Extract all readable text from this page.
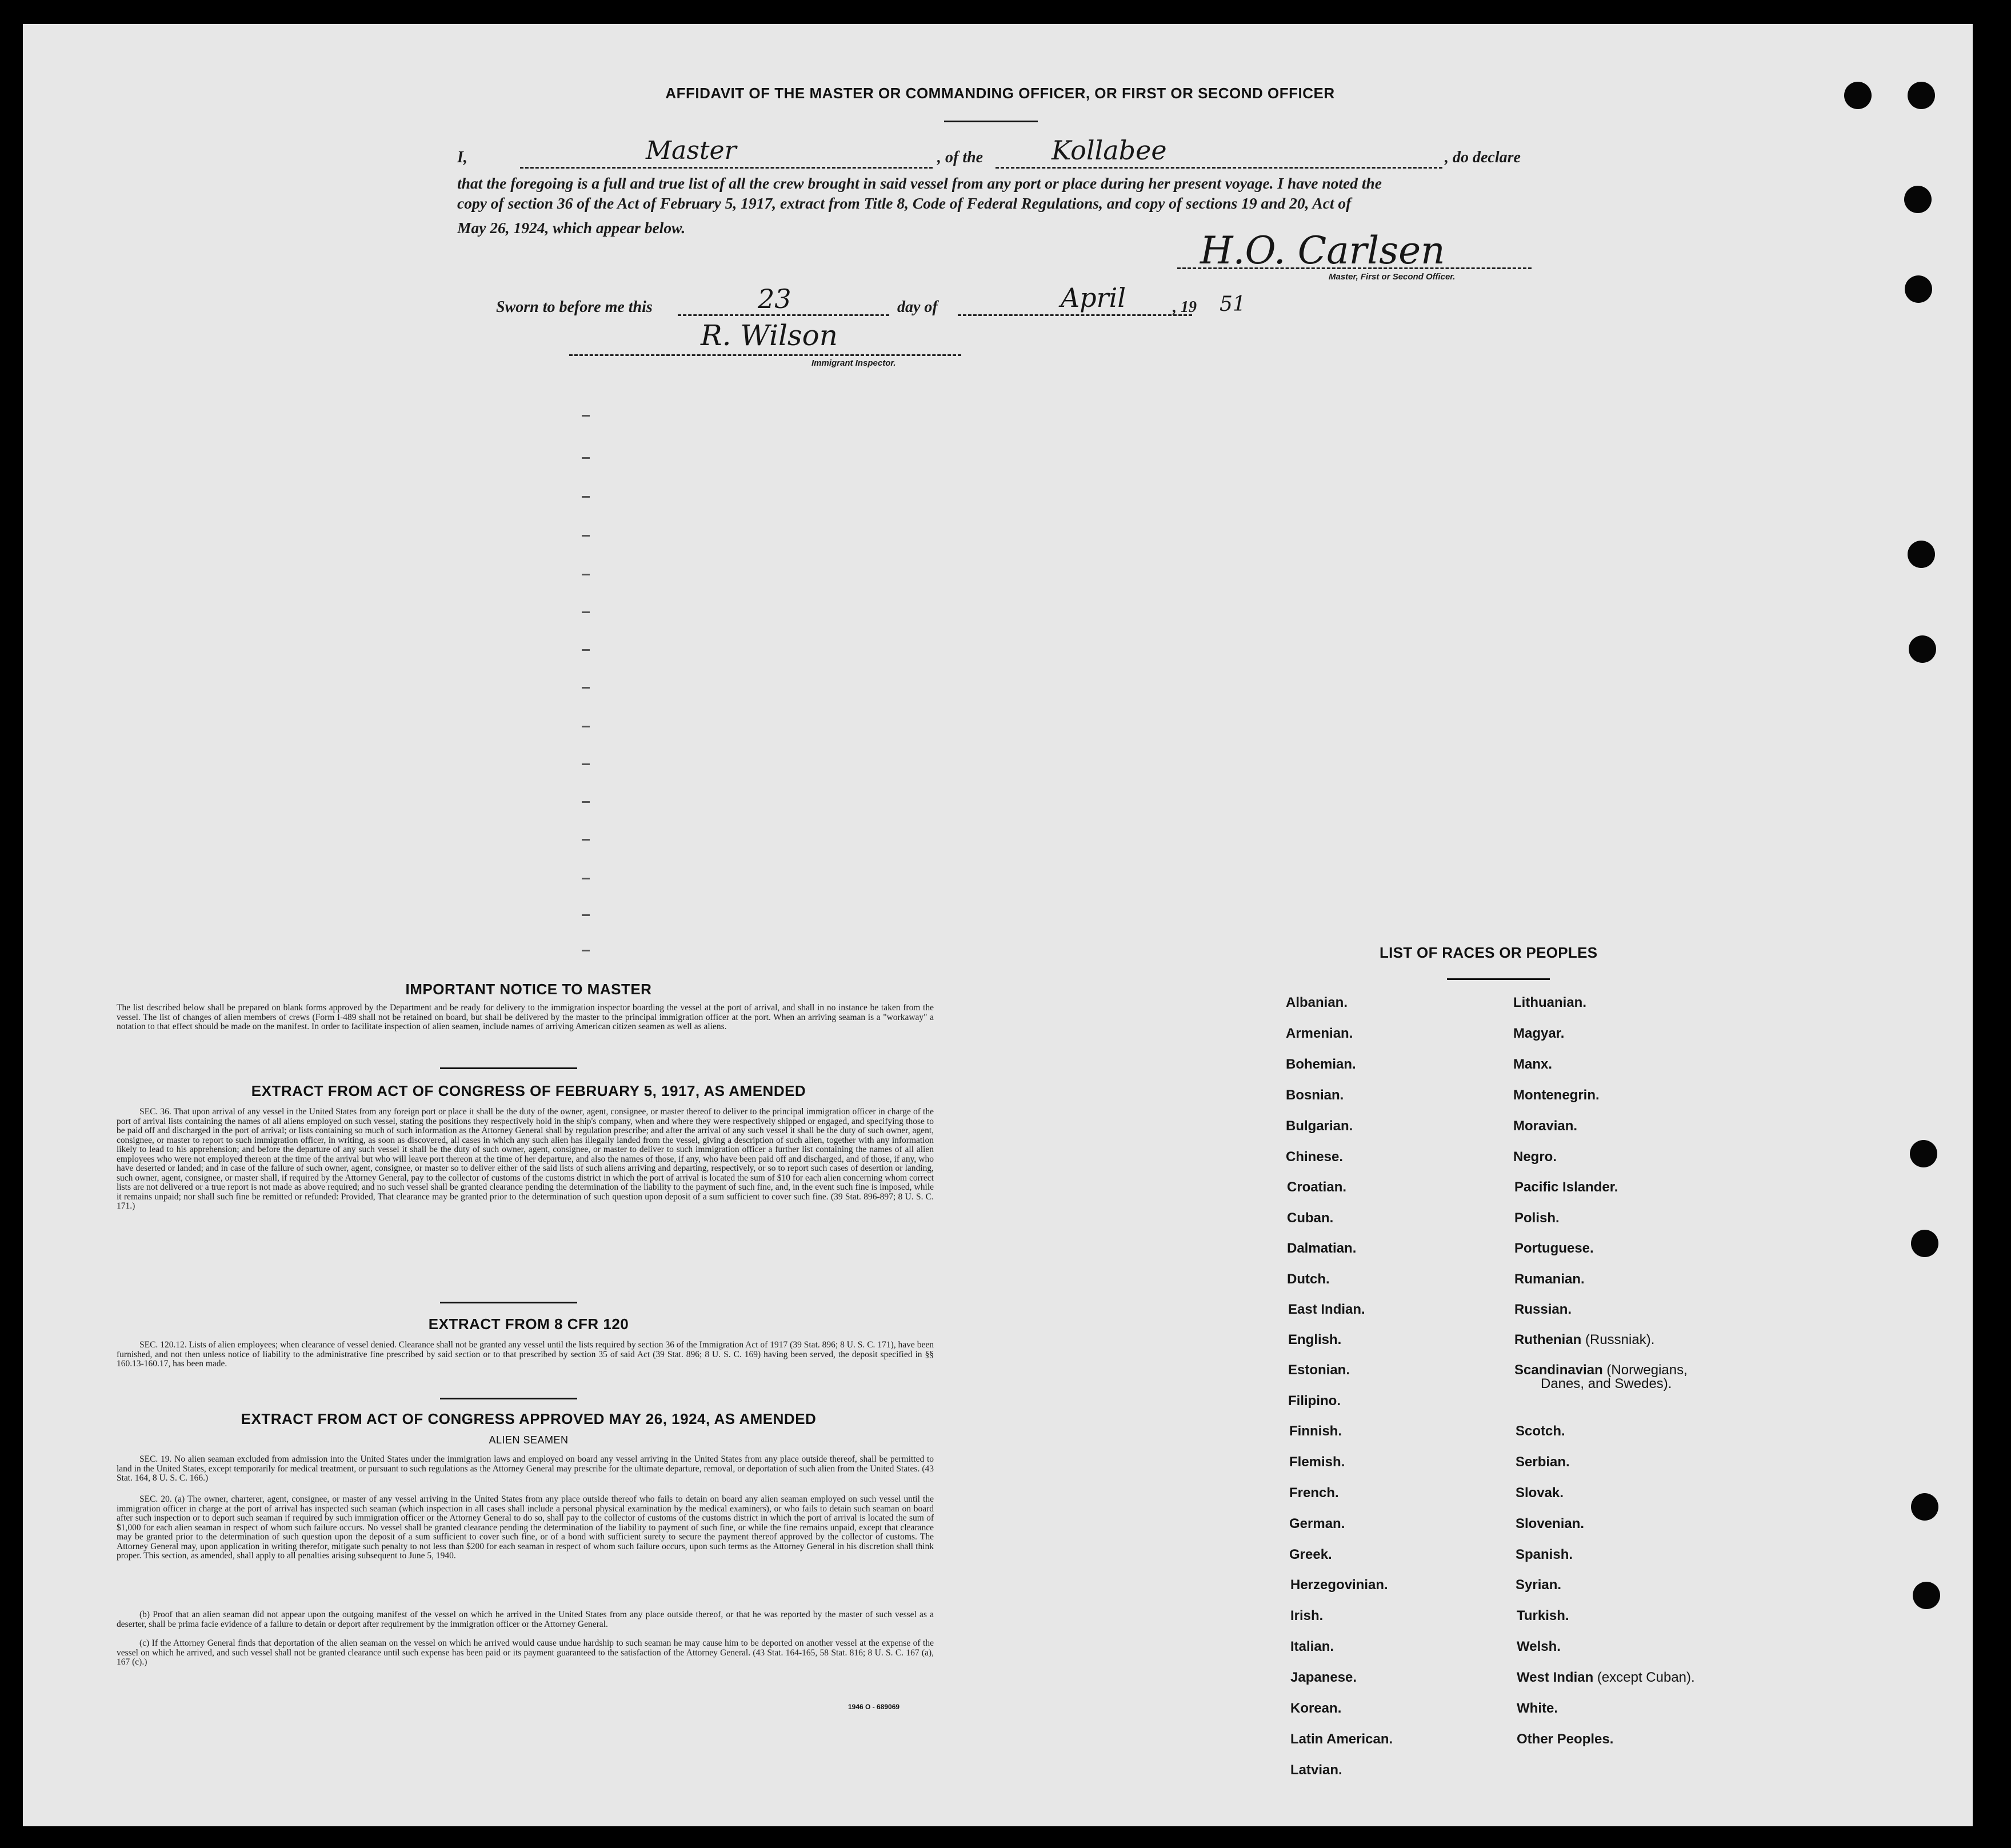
AFFIDAVIT OF THE MASTER OR COMMANDING OFFICER, OR FIRST OR SECOND OFFICER
I,	Master	, of the	Kollabee	, do declare
that the foregoing is a full and true list of all the crew brought in said vessel from any port or place during her present voyage. I have noted the
copy of section 36 of the Act of February 5, 1917, extract from Title 8, Code of Federal Regulations, and copy of sections 19 and 20, Act of
May 26, 1924, which appear below.
H.O. Carlsen
Master, First or Second Officer.
Sworn to before me this	23	day of	April	, 19 51
R. Wilson
Immigrant Inspector.
IMPORTANT NOTICE TO MASTER
The list described below shall be prepared on blank forms approved by the Department and be ready for delivery to the immigration inspector boarding the vessel at the port of arrival, and shall in no instance be taken from the vessel. The list of changes of alien members of crews (Form I-489 shall not be retained on board, but shall be delivered by the master to the principal immigration officer at the port. When an arriving seaman is a "workaway" a notation to that effect should be made on the manifest. In order to facilitate inspection of alien seamen, include names of arriving American citizen seamen as well as aliens.
EXTRACT FROM ACT OF CONGRESS OF FEBRUARY 5, 1917, AS AMENDED
SEC. 36. That upon arrival of any vessel in the United States from any foreign port or place it shall be the duty of the owner, agent, consignee, or master thereof to deliver to the principal immigration officer in charge of the port of arrival lists containing the names of all aliens employed on such vessel, stating the positions they respectively hold in the ship's company, when and where they were respectively shipped or engaged, and specifying those to be paid off and discharged in the port of arrival; or lists containing so much of such information as the Attorney General shall by regulation prescribe; and after the arrival of any such vessel it shall be the duty of such owner, agent, consignee, or master to report to such immigration officer, in writing, as soon as discovered, all cases in which any such alien has illegally landed from the vessel, giving a description of such alien, together with any information likely to lead to his apprehension; and before the departure of any such vessel it shall be the duty of such owner, agent, consignee, or master to deliver to such immigration officer a further list containing the names of all alien employees who were not employed thereon at the time of the arrival but who will leave port thereon at the time of her departure, and also the names of those, if any, who have been paid off and discharged, and of those, if any, who have deserted or landed; and in case of the failure of such owner, agent, consignee, or master so to deliver either of the said lists of such aliens arriving and departing, respectively, or so to report such cases of desertion or landing, such owner, agent, consignee, or master shall, if required by the Attorney General, pay to the collector of customs of the customs district in which the port of arrival is located the sum of $10 for each alien concerning whom correct lists are not delivered or a true report is not made as above required; and no such vessel shall be granted clearance pending the determination of the liability to the payment of such fine, and, in the event such fine is imposed, while it remains unpaid; nor shall such fine be remitted or refunded: Provided, That clearance may be granted prior to the determination of such question upon deposit of a sum sufficient to cover such fine. (39 Stat. 896-897; 8 U. S. C. 171.)
EXTRACT FROM 8 CFR 120
SEC. 120.12. Lists of alien employees; when clearance of vessel denied. Clearance shall not be granted any vessel until the lists required by section 36 of the Immigration Act of 1917 (39 Stat. 896; 8 U. S. C. 171), have been furnished, and not then unless notice of liability to the administrative fine prescribed by said section or to that prescribed by section 35 of said Act (39 Stat. 896; 8 U. S. C. 169) having been served, the deposit specified in §§ 160.13-160.17, has been made.
EXTRACT FROM ACT OF CONGRESS APPROVED MAY 26, 1924, AS AMENDED
ALIEN SEAMEN
SEC. 19. No alien seaman excluded from admission into the United States under the immigration laws and employed on board any vessel arriving in the United States from any place outside thereof, shall be permitted to land in the United States, except temporarily for medical treatment, or pursuant to such regulations as the Attorney General may prescribe for the ultimate departure, removal, or deportation of such alien from the United States. (43 Stat. 164, 8 U. S. C. 166.)
SEC. 20. (a) The owner, charterer, agent, consignee, or master of any vessel arriving in the United States from any place outside thereof who fails to detain on board any alien seaman employed on such vessel until the immigration officer in charge at the port of arrival has inspected such seaman (which inspection in all cases shall include a personal physical examination by the medical examiners), or who fails to detain such seaman on board after such inspection or to deport such seaman if required by such immigration officer or the Attorney General to do so, shall pay to the collector of customs of the customs district in which the port of arrival is located the sum of $1,000 for each alien seaman in respect of whom such failure occurs. No vessel shall be granted clearance pending the determination of the liability to payment of such fine, or while the fine remains unpaid, except that clearance may be granted prior to the determination of such question upon the deposit of a sum sufficient to cover such fine, or of a bond with sufficient surety to secure the payment thereof approved by the collector of customs. The Attorney General may, upon application in writing therefor, mitigate such penalty to not less than $200 for each seaman in respect of whom such failure occurs, upon such terms as the Attorney General in his discretion shall think proper. This section, as amended, shall apply to all penalties arising subsequent to June 5, 1940.
(b) Proof that an alien seaman did not appear upon the outgoing manifest of the vessel on which he arrived in the United States from any place outside thereof, or that he was reported by the master of such vessel as a deserter, shall be prima facie evidence of a failure to detain or deport after requirement by the immigration officer or the Attorney General.
(c) If the Attorney General finds that deportation of the alien seaman on the vessel on which he arrived would cause undue hardship to such seaman he may cause him to be deported on another vessel at the expense of the vessel on which he arrived, and such vessel shall not be granted clearance until such expense has been paid or its payment guaranteed to the satisfaction of the Attorney General. (43 Stat. 164-165, 58 Stat. 816; 8 U. S. C. 167 (a), 167 (c).)
1946 O - 689069
LIST OF RACES OR PEOPLES
Albanian.
Armenian.
Bohemian.
Bosnian.
Bulgarian.
Chinese.
Croatian.
Cuban.
Dalmatian.
Dutch.
East Indian.
English.
Estonian.
Filipino.
Finnish.
Flemish.
French.
German.
Greek.
Herzegovinian.
Irish.
Italian.
Japanese.
Korean.
Latin American.
Latvian.
Lithuanian.
Magyar.
Manx.
Montenegrin.
Moravian.
Negro.
Pacific Islander.
Polish.
Portuguese.
Rumanian.
Russian.
Ruthenian (Russniak).
Scandinavian (Norwegians,
Danes, and Swedes).
Scotch.
Serbian.
Slovak.
Slovenian.
Spanish.
Syrian.
Turkish.
Welsh.
West Indian (except Cuban).
White.
Other Peoples.
